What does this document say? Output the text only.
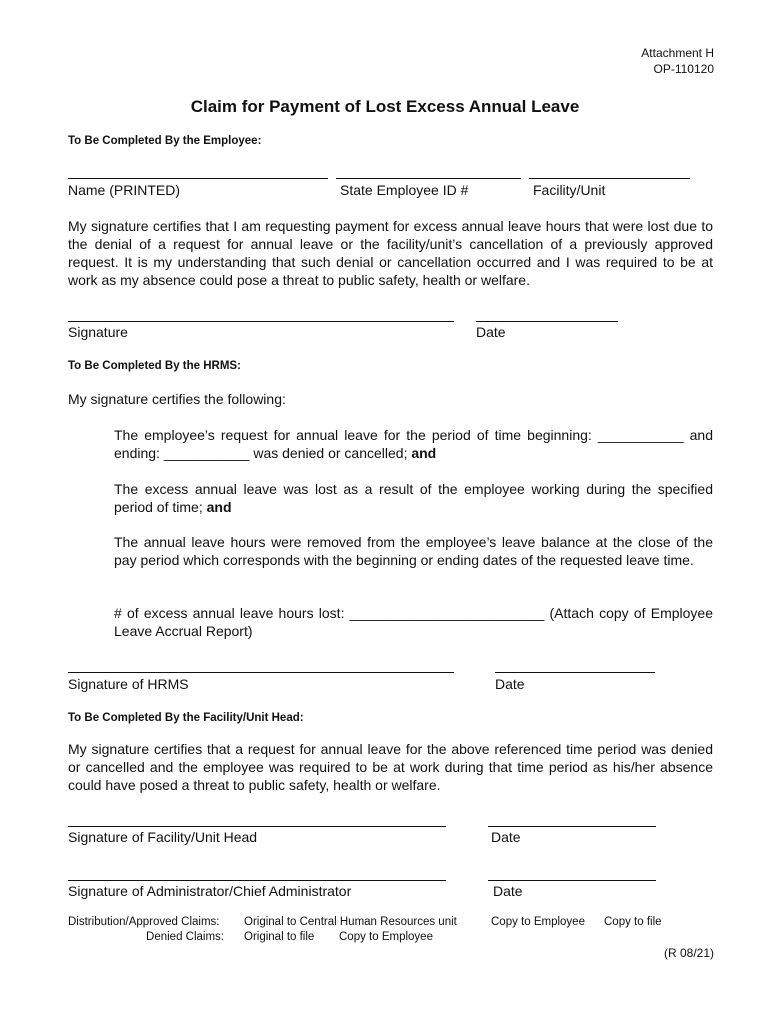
Attachment H
OP-110120
Claim for Payment of Lost Excess Annual Leave
To Be Completed By the Employee:
Name (PRINTED)	State Employee ID #	Facility/Unit
My signature certifies that I am requesting payment for excess annual leave hours that were lost due to the denial of a request for annual leave or the facility/unit’s cancellation of a previously approved request. It is my understanding that such denial or cancellation occurred and I was required to be at work as my absence could pose a threat to public safety, health or welfare.
Signature	Date
To Be Completed By the HRMS:
My signature certifies the following:
The employee’s request for annual leave for the period of time beginning: ___________ and ending: ___________ was denied or cancelled; and
The excess annual leave was lost as a result of the employee working during the specified period of time; and
The annual leave hours were removed from the employee’s leave balance at the close of the pay period which corresponds with the beginning or ending dates of the requested leave time.
# of excess annual leave hours lost: _________________________ (Attach copy of Employee Leave Accrual Report)
Signature of HRMS	Date
To Be Completed By the Facility/Unit Head:
My signature certifies that a request for annual leave for the above referenced time period was denied or cancelled and the employee was required to be at work during that time period as his/her absence could have posed a threat to public safety, health or welfare.
Signature of Facility/Unit Head	Date
Signature of Administrator/Chief Administrator	Date
Distribution/Approved Claims: Original to Central Human Resources unit	Copy to Employee Copy to file
Denied Claims: Original to file Copy to Employee
(R 08/21)
